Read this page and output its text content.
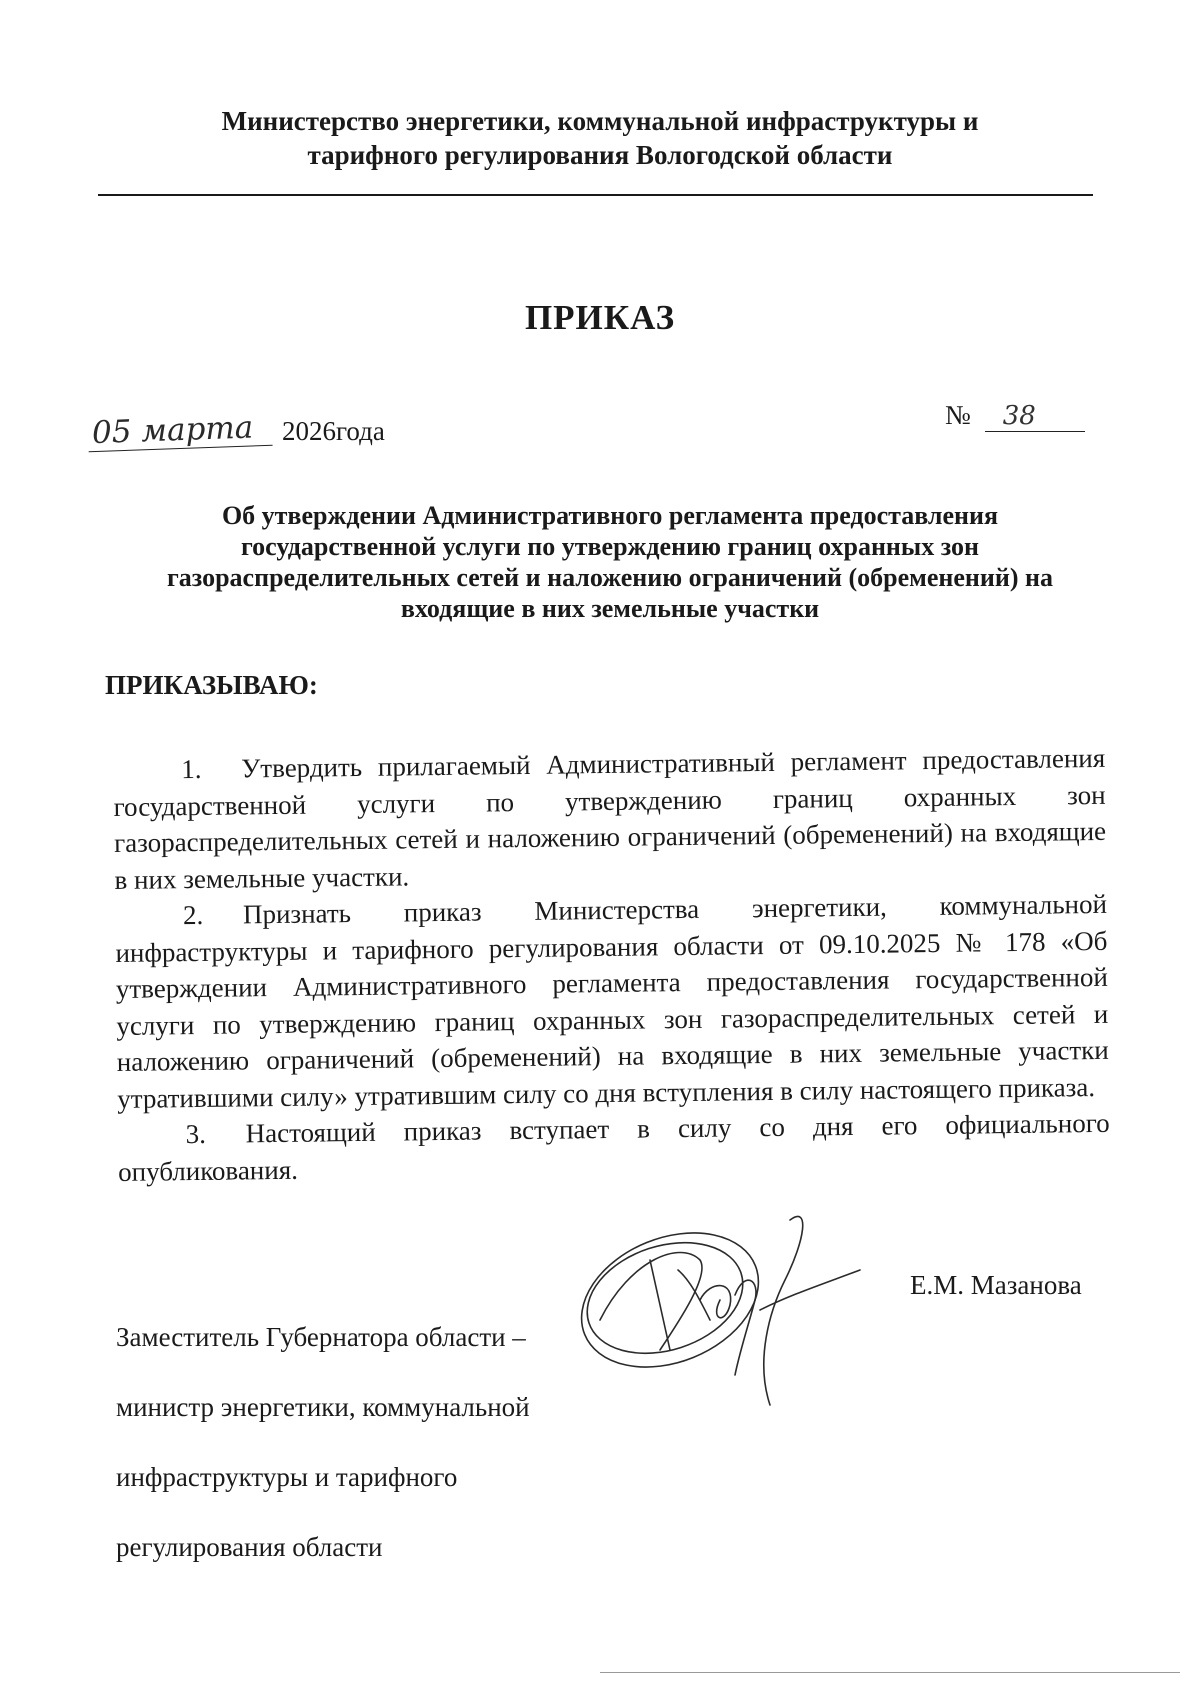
Министерство энергетики, коммунальной инфраструктуры и
тарифного регулирования Вологодской области
ПРИКАЗ
05 марта 2026года
№ 38
Об утверждении Административного регламента предоставления
государственной услуги по утверждению границ охранных зон
газораспределительных сетей и наложению ограничений (обременений) на
входящие в них земельные участки
ПРИКАЗЫВАЮ:

1. Утвердить прилагаемый Административный регламент предоставления государственной услуги по утверждению границ охранных зон газораспределительных сетей и наложению ограничений (обременений) на входящие в них земельные участки.

2. Признать приказ Министерства энергетики, коммунальной инфраструктуры и тарифного регулирования области от 09.10.2025 № 178 «Об утверждении Административного регламента предоставления государственной услуги по утверждению границ охранных зон газораспределительных сетей и наложению ограничений (обременений) на входящие в них земельные участки утратившими силу» утратившим силу со дня вступления в силу настоящего приказа.

3. Настоящий приказ вступает в силу со дня его официального опубликования.

Заместитель Губернатора области –

министр энергетики, коммунальной

инфраструктуры и тарифного

регулирования области

Е.М. Мазанова
